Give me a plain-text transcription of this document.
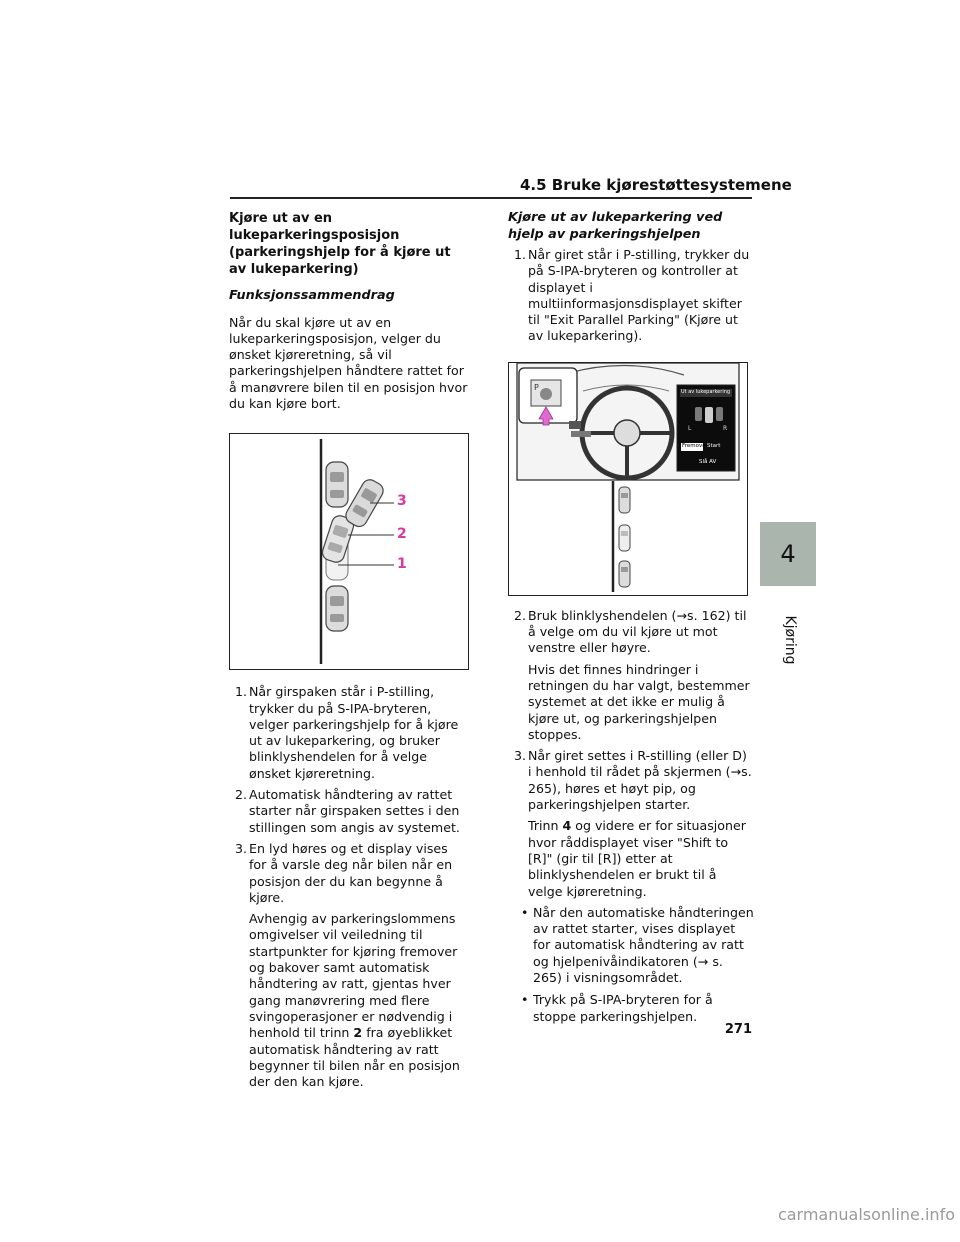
4.5 Bruke kjørestøttesystemene

Kjøre ut av en lukeparkeringsposisjon (parkeringshjelp for å kjøre ut av lukeparkering)

Funksjonssammendrag

Når du skal kjøre ut av en lukeparkeringsposisjon, velger du ønsket kjøreretning, så vil parkeringshjelpen håndtere rattet for å manøvrere bilen til en posisjon hvor du kan kjøre bort.

3
2
1
1. Når girspaken står i P-stilling, trykker du på S-IPA-bryteren, velger parkeringshjelp for å kjøre ut av lukeparkering, og bruker blinklyshendelen for å velge ønsket kjøreretning.
2. Automatisk håndtering av rattet starter når girspaken settes i den stillingen som angis av systemet.
3. En lyd høres og et display vises for å varsle deg når bilen når en posisjon der du kan begynne å kjøre.

Avhengig av parkeringslommens omgivelser vil veiledning til startpunkter for kjøring fremover og bakover samt automatisk håndtering av ratt, gjentas hver gang manøvrering med flere svingoperasjoner er nødvendig i henhold til trinn 2 fra øyeblikket automatisk håndtering av ratt begynner til bilen når en posisjon der den kan kjøre.

Kjøre ut av lukeparkering ved hjelp av parkeringshjelpen

1. Når giret står i P-stilling, trykker du på S-IPA-bryteren og kontroller at displayet i multiinformasjonsdisplayet skifter til "Exit Parallel Parking" (Kjøre ut av lukeparkering).
P	Ut av lukeparkering
L	R
Fremover Start
Slå AV
2. Bruk blinklyshendelen (→s. 162) til å velge om du vil kjøre ut mot venstre eller høyre.

Hvis det finnes hindringer i retningen du har valgt, bestemmer systemet at det ikke er mulig å kjøre ut, og parkeringshjelpen stoppes.

3. Når giret settes i R-stilling (eller D) i henhold til rådet på skjermen (→s. 265), høres et høyt pip, og parkeringshjelpen starter.

Trinn 4 og videre er for situasjoner hvor råddisplayet viser "Shift to [R]" (gir til [R]) etter at blinklyshendelen er brukt til å velge kjøreretning.

• Når den automatiske håndteringen av rattet starter, vises displayet for automatisk håndtering av ratt og hjelpenivåindikatoren (→ s. 265) i visningsområdet.
• Trykk på S-IPA-bryteren for å stoppe parkeringshjelpen.
4
Kjøring
271
carmanualsonline.info
